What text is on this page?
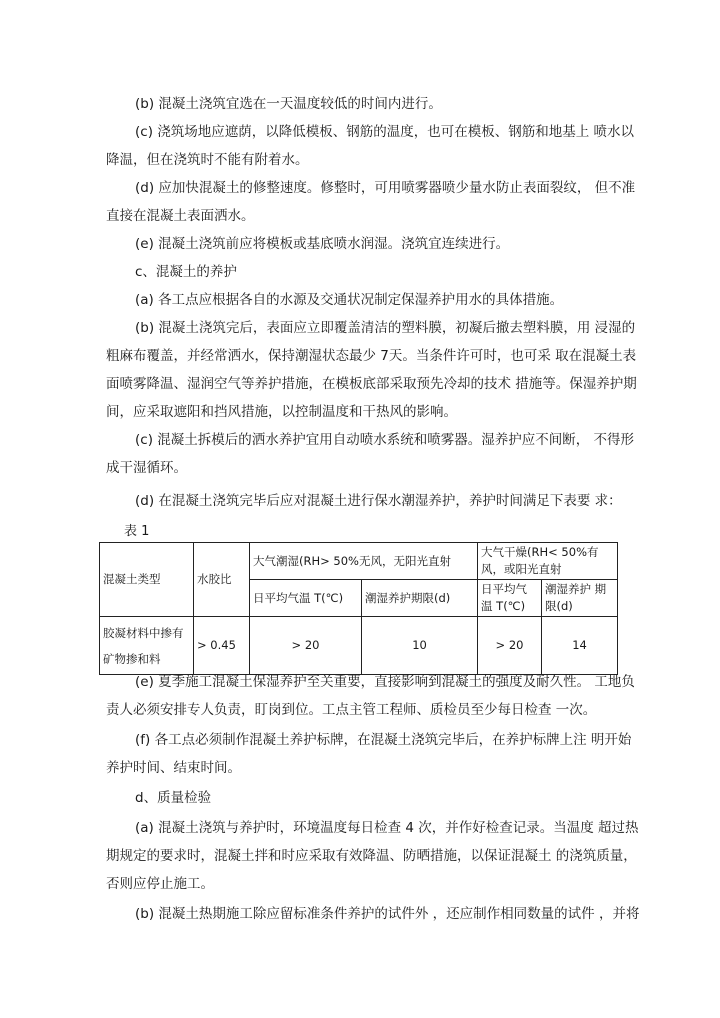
(b) 混凝土浇筑宜选在一天温度较低的时间内进行。
(c) 浇筑场地应遮荫，以降低模板、钢筋的温度，也可在模板、钢筋和地基上 喷水以
降温，但在浇筑时不能有附着水。
(d) 应加快混凝土的修整速度。修整时，可用喷雾器喷少量水防止表面裂纹， 但不准
直接在混凝土表面洒水。
(e) 混凝土浇筑前应将模板或基底喷水润湿。浇筑宜连续进行。
c、混凝土的养护
(a) 各工点应根据各自的水源及交通状况制定保湿养护用水的具体措施。
(b) 混凝土浇筑完后，表面应立即覆盖清洁的塑料膜，初凝后撤去塑料膜，用 浸湿的
粗麻布覆盖，并经常洒水，保持潮湿状态最少 7天。当条件许可时，也可采 取在混凝土表
面喷雾降温、湿润空气等养护措施，在模板底部采取预先冷却的技术 措施等。保湿养护期
间，应采取遮阳和挡风措施，以控制温度和干热风的影响。
(c) 混凝土拆模后的洒水养护宜用自动喷水系统和喷雾器。湿养护应不间断， 不得形
成干湿循环。
(d) 在混凝土浇筑完毕后应对混凝土进行保水潮湿养护，养护时间满足下表要 求：
表 1
混凝土类型	水胶比	大气潮湿(RH> 50%无风，无阳光直射		大气干燥(RH< 50%有风，或阳光直射	
		日平均气温 T(℃)	潮湿养护期限(d)	日平均气温 T(℃)	潮湿养护 期限(d)
胶凝材料中掺有矿物掺和料	> 0.45	> 20	10	> 20	14
(e) 夏季施工混凝土保湿养护至关重要，直接影响到混凝土的强度及耐久性。 工地负
责人必须安排专人负责，盯岗到位。工点主管工程师、质检员至少每日检查 一次。
(f) 各工点必须制作混凝土养护标牌，在混凝土浇筑完毕后，在养护标牌上注 明开始
养护时间、结束时间。
d、质量检验
(a) 混凝土浇筑与养护时，环境温度每日检查 4 次，并作好检查记录。当温度 超过热
期规定的要求时，混凝土拌和时应采取有效降温、防晒措施，以保证混凝土 的浇筑质量，
否则应停止施工。
(b) 混凝土热期施工除应留标准条件养护的试件外 ，还应制作相同数量的试件 ，并将
